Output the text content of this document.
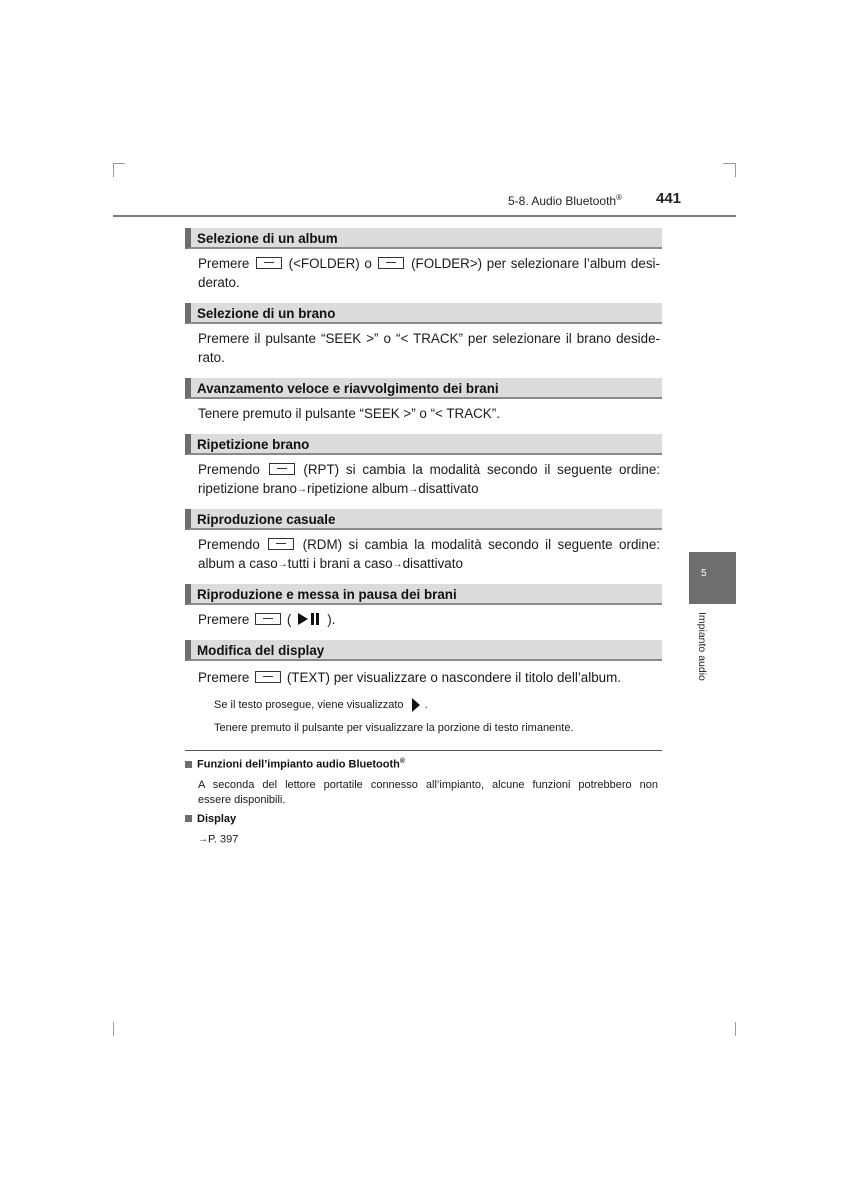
5-8. Audio Bluetooth® 441
Selezione di un album
Premere	(<FOLDER) o	(FOLDER>) per selezionare l’album desi-
derato.
Selezione di un brano
Premere il pulsante “SEEK >” o “< TRACK” per selezionare il brano deside-
rato.
Avanzamento veloce e riavvolgimento dei brani
Tenere premuto il pulsante “SEEK >” o “< TRACK”.
Ripetizione brano
Premendo	(RPT) si cambia la modalità secondo il seguente ordine:
ripetizione brano→ripetizione album→disattivato
Riproduzione casuale
Premendo	(RDM) si cambia la modalità secondo il seguente ordine:
album a caso→tutti i brani a caso→disattivato
Riproduzione e messa in pausa dei brani
Premere	(	).
Modifica del display
Premere	(TEXT) per visualizzare o nascondere il titolo dell’album.
Se il testo prosegue, viene visualizzato .
Tenere premuto il pulsante per visualizzare la porzione di testo rimanente.
Funzioni dell’impianto audio Bluetooth®
A seconda del lettore portatile connesso all’impianto, alcune funzioni potrebbero non
essere disponibili.
Display
→P. 397
5
Impianto audio
